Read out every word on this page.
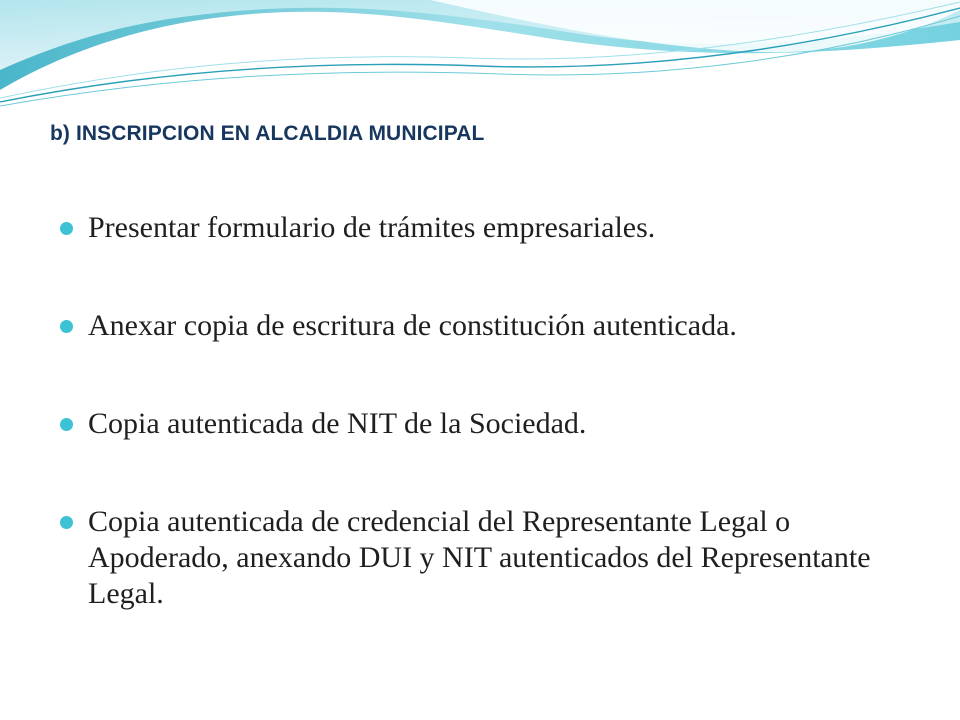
b) INSCRIPCION EN ALCALDIA MUNICIPAL
Presentar formulario de trámites empresariales.
Anexar copia de escritura de constitución autenticada.
Copia autenticada de NIT de la Sociedad.
Copia autenticada de credencial del Representante Legal o Apoderado, anexando DUI y NIT autenticados del Representante Legal.
